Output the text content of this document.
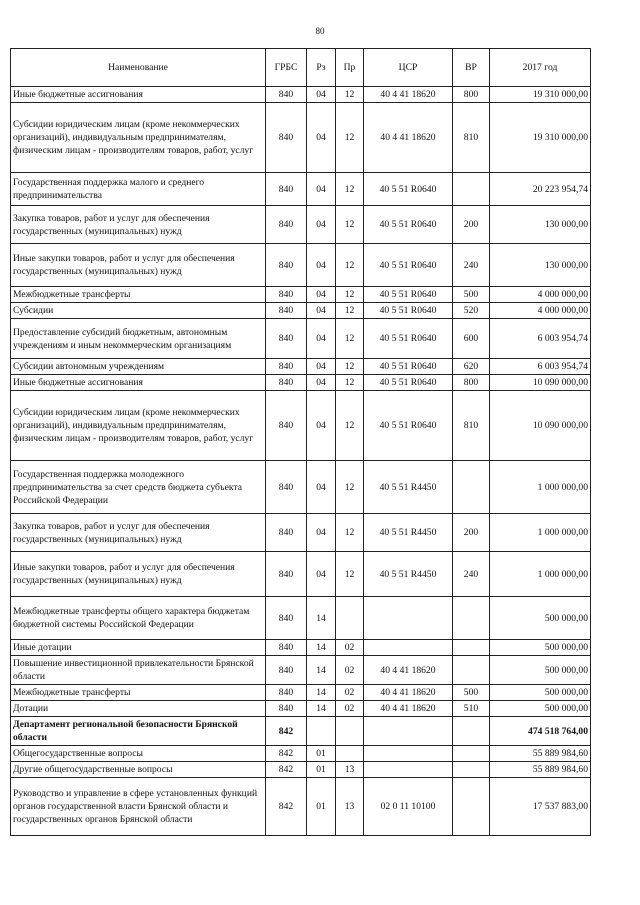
80
Наименование	ГРБС	Рз	Пр	ЦСР	ВР	2017 год
Иные бюджетные ассигнования	840	04	12	40 4 41 18620	800	19 310 000,00
Субсидии юридическим лицам (кроме некоммерческих организаций), индивидуальным предпринимателям, физическим лицам - производителям товаров, работ, услуг	840	04	12	40 4 41 18620	810	19 310 000,00
Государственная поддержка малого и среднего предпринимательства	840	04	12	40 5 51 R0640		20 223 954,74
Закупка товаров, работ и услуг для обеспечения государственных (муниципальных) нужд	840	04	12	40 5 51 R0640	200	130 000,00
Иные закупки товаров, работ и услуг для обеспечения государственных (муниципальных) нужд	840	04	12	40 5 51 R0640	240	130 000,00
Межбюджетные трансферты	840	04	12	40 5 51 R0640	500	4 000 000,00
Субсидии	840	04	12	40 5 51 R0640	520	4 000 000,00
Предоставление субсидий бюджетным, автономным учреждениям и иным некоммерческим организациям	840	04	12	40 5 51 R0640	600	6 003 954,74
Субсидии автономным учреждениям	840	04	12	40 5 51 R0640	620	6 003 954,74
Иные бюджетные ассигнования	840	04	12	40 5 51 R0640	800	10 090 000,00
Субсидии юридическим лицам (кроме некоммерческих организаций), индивидуальным предпринимателям, физическим лицам - производителям товаров, работ, услуг	840	04	12	40 5 51 R0640	810	10 090 000,00
Государственная поддержка молодежного предпринимательства за счет средств бюджета субъекта Российской Федерации	840	04	12	40 5 51 R4450		1 000 000,00
Закупка товаров, работ и услуг для обеспечения государственных (муниципальных) нужд	840	04	12	40 5 51 R4450	200	1 000 000,00
Иные закупки товаров, работ и услуг для обеспечения государственных (муниципальных) нужд	840	04	12	40 5 51 R4450	240	1 000 000,00
Межбюджетные трансферты общего характера бюджетам бюджетной системы Российской Федерации	840	14				500 000,00
Иные дотации	840	14	02			500 000,00
Повышение инвестиционной привлекательности Брянской области	840	14	02	40 4 41 18620		500 000,00
Межбюджетные трансферты	840	14	02	40 4 41 18620	500	500 000,00
Дотации	840	14	02	40 4 41 18620	510	500 000,00
Департамент региональной безопасности Брянской области	842					474 518 764,00
Общегосударственные вопросы	842	01				55 889 984,60
Другие общегосударственные вопросы	842	01	13			55 889 984,60
Руководство и управление в сфере установленных функций органов государственной власти Брянской области и государственных органов Брянской области	842	01	13	02 0 11 10100		17 537 883,00
